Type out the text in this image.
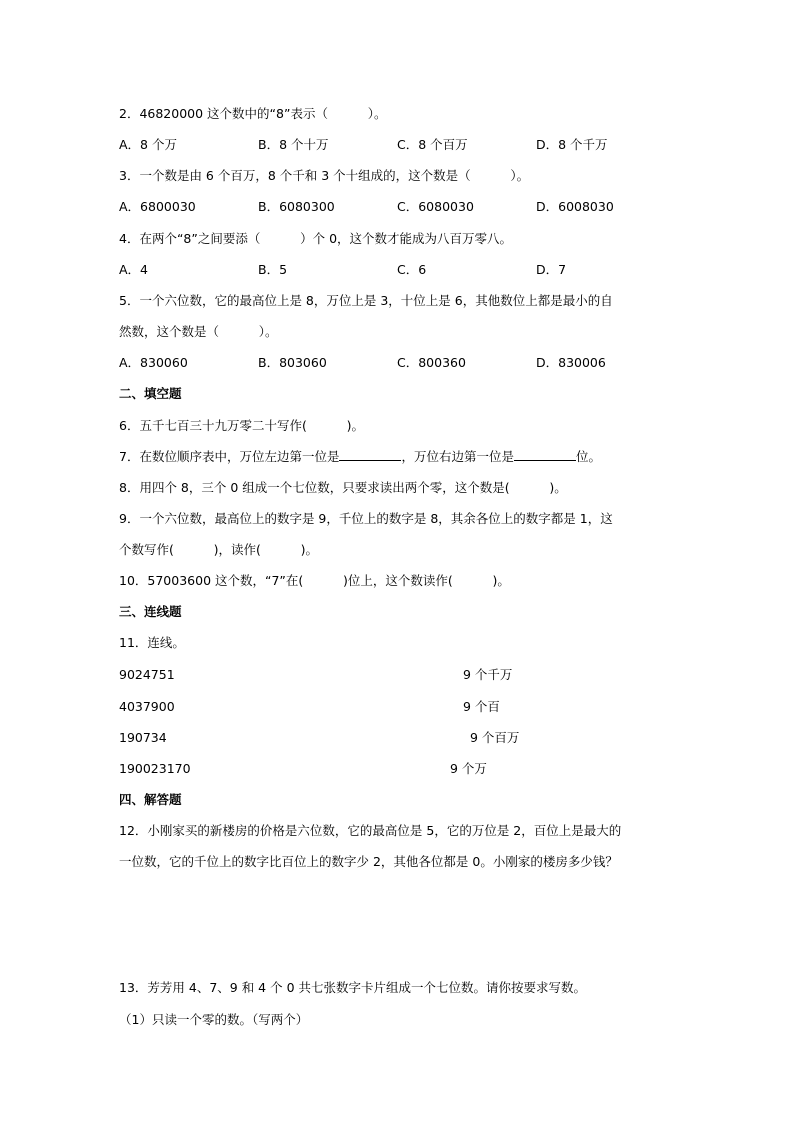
2．46820000 这个数中的“8”表示（          ）。
A．8 个万	B．8 个十万	C．8 个百万	D．8 个千万
3．一个数是由 6 个百万，8 个千和 3 个十组成的，这个数是（          ）。
A．6800030	B．6080300	C．6080030	D．6008030
4．在两个“8”之间要添（          ）个 0，这个数才能成为八百万零八。
A．4	B．5	C．6	D．7
5．一个六位数，它的最高位上是 8，万位上是 3，十位上是 6，其他数位上都是最小的自
然数，这个数是（          ）。
A．830060	B．803060	C．800360	D．830006
二、填空题
6．五千七百三十九万零二十写作(          )。
7．在数位顺序表中，万位左边第一位是	，万位右边第一位是	位。
8．用四个 8，三个 0 组成一个七位数，只要求读出两个零，这个数是(          )。
9．一个六位数，最高位上的数字是 9，千位上的数字是 8，其余各位上的数字都是 1，这
个数写作(          )，读作(          )。
10．57003600 这个数，“7”在(          )位上，这个数读作(          )。
三、连线题
11．连线。
9024751	9 个千万
4037900	9 个百
190734	9 个百万
190023170	9 个万
四、解答题
12．小刚家买的新楼房的价格是六位数，它的最高位是 5，它的万位是 2，百位上是最大的
一位数，它的千位上的数字比百位上的数字少 2，其他各位都是 0。小刚家的楼房多少钱？
13．芳芳用 4、7、9 和 4 个 0 共七张数字卡片组成一个七位数。请你按要求写数。
（1）只读一个零的数。（写两个）
